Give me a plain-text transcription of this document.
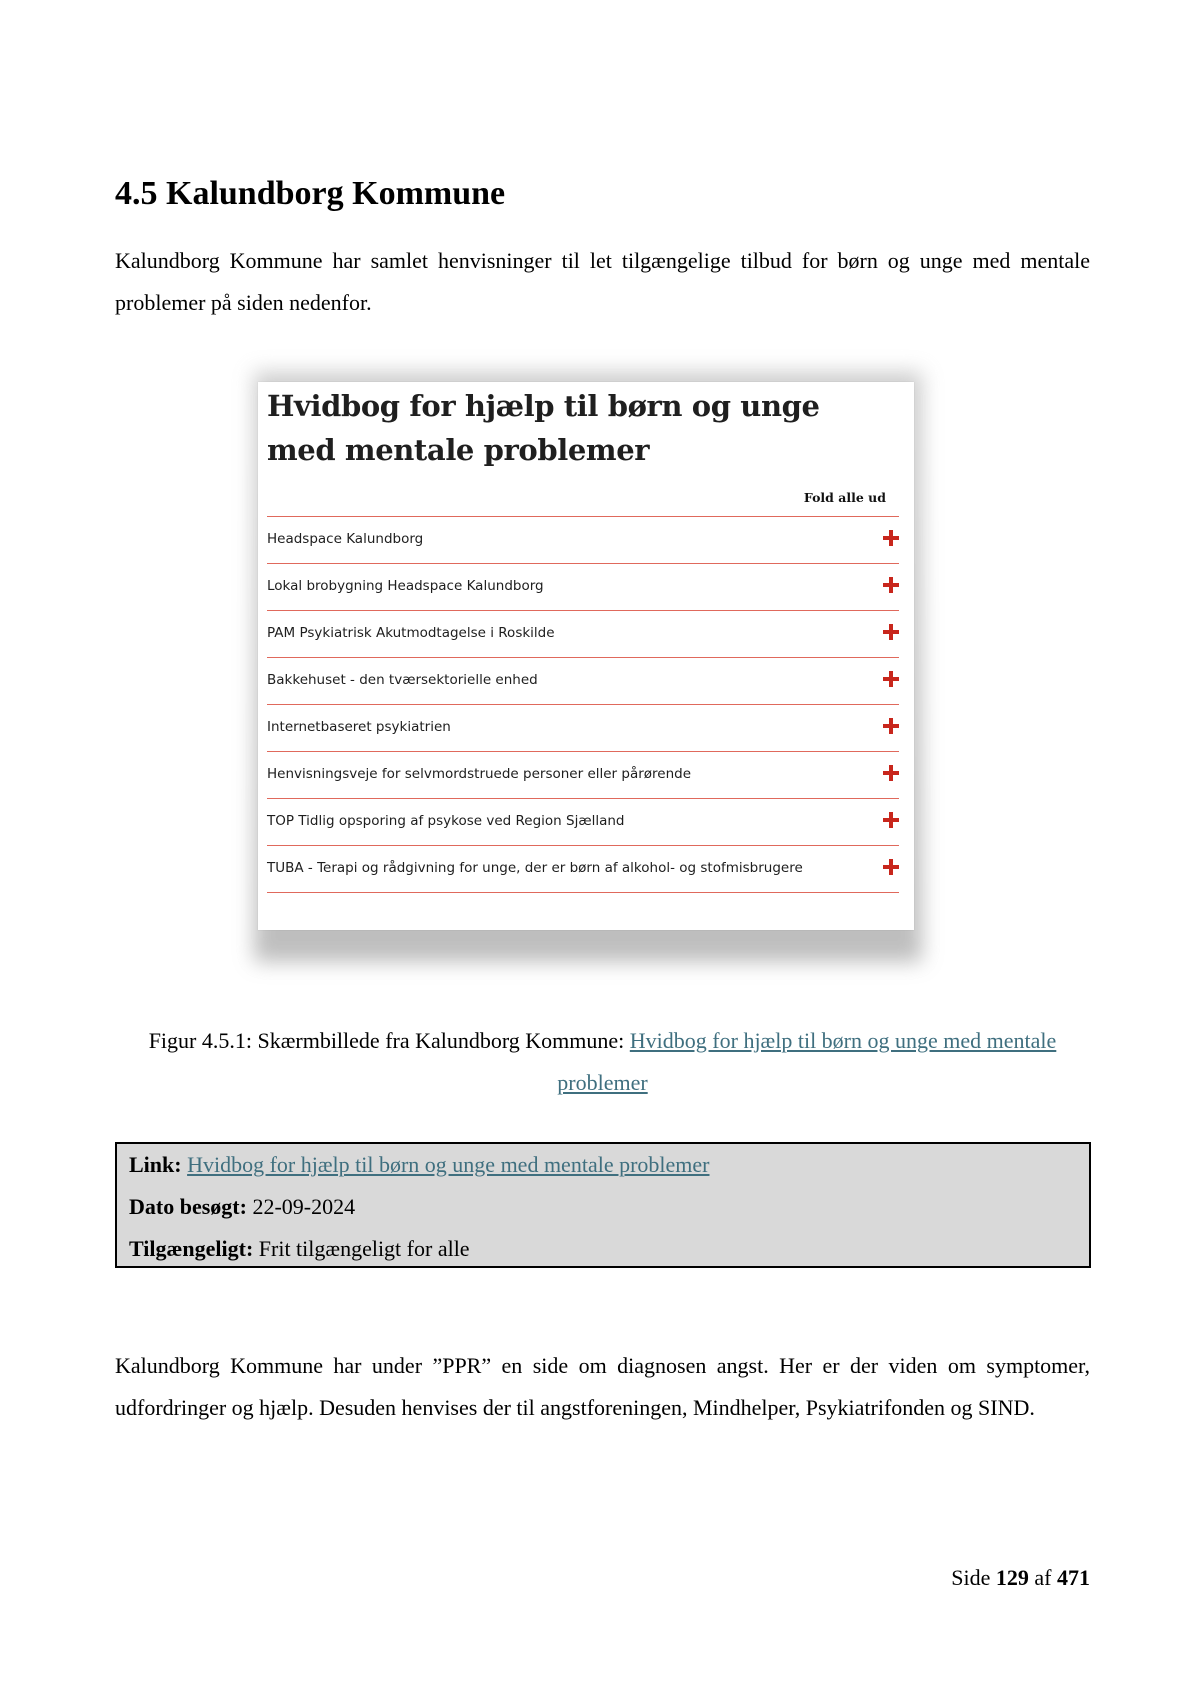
4.5 Kalundborg Kommune

Kalundborg Kommune har samlet henvisninger til let tilgængelige tilbud for børn og unge med mentale problemer på siden nedenfor.

Hvidbog for hjælp til børn og unge med mentale problemer
Fold alle ud
Headspace Kalundborg
Lokal brobygning Headspace Kalundborg
PAM Psykiatrisk Akutmodtagelse i Roskilde
Bakkehuset - den tværsektorielle enhed
Internetbaseret psykiatrien
Henvisningsveje for selvmordstruede personer eller pårørende
TOP Tidlig opsporing af psykose ved Region Sjælland
TUBA - Terapi og rådgivning for unge, der er børn af alkohol- og stofmisbrugere

Figur 4.5.1: Skærmbillede fra Kalundborg Kommune: Hvidbog for hjælp til børn og unge med mentale problemer

Link: Hvidbog for hjælp til børn og unge med mentale problemer

Dato besøgt: 22-09-2024

Tilgængeligt: Frit tilgængeligt for alle

Kalundborg Kommune har under ”PPR” en side om diagnosen angst. Her er der viden om symptomer, udfordringer og hjælp. Desuden henvises der til angstforeningen, Mindhelper, Psykiatrifonden og SIND.

Side 129 af 471
